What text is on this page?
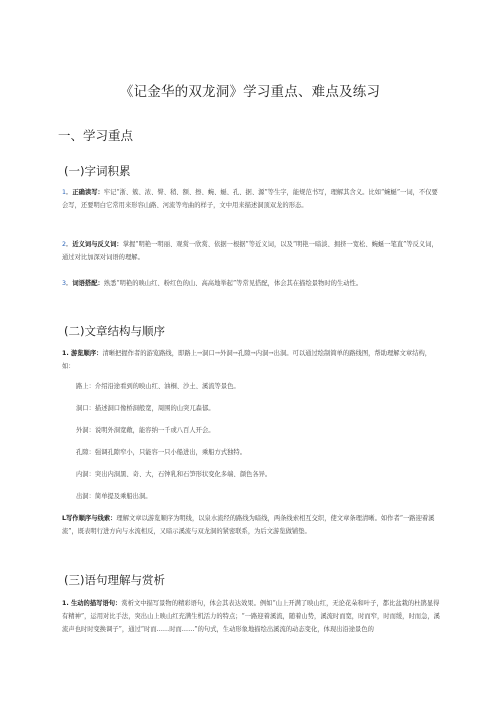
《记金华的双龙洞》学习重点、难点及练习
一、学习重点
(一)字词积累
1．正确读写：牢记“浙、簇、浓、臀、稍、额、擦、蜿、蜒、孔、据、源”等生字，能规范书写，理解其含义。比如“蜿蜒”一词，不仅要会写，还要明白它常用来形容山路、河流等弯曲的样子，文中用来描述洞顶双龙的形态。
2．近义词与反义词：掌握“明艳一明丽、观赏一欣赏、依据一根据”等近义词，以及“明艳一暗淡、拥挤一宽松、蜿蜒一笔直”等反义词，通过对比加深对词语的理解。
3．词语搭配：熟悉“明艳的映山红、粉红色的山、高高地举起”等常见搭配，体会其在描绘景物时的生动性。
(二)文章结构与顺序
1. 游览顺序：清晰把握作者的游览路线，即路上→洞口→外洞→孔隙→内洞→出洞。可以通过绘制简单的路线图，帮助理解文章结构，如：
路上：介绍沿途看到的映山红、油桐、沙土、溪流等景色。
洞口：描述洞口像桥洞般宽，周围的山突兀森郁。
外洞：说明外洞宽敞，能容纳一千或八百人开会。
孔隙：强调孔隙窄小，只能容一只小船进出，乘船方式独特。
内洞：突出内洞黑、奇、大，石钟乳和石笋形状变化多端、颜色各异。
出洞：简单提及乘船出洞。
L写作顺序与线索：理解文章以游览顺序为明线，以泉水流经的路线为暗线，两条线索相互交织，使文章条理清晰。如作者“一路迎着溪流”，既表明行进方向与水流相反，又暗示溪流与双龙洞的紧密联系，为后文游览做铺垫。
(三)语句理解与赏析
1. 生动的描写语句：赏析文中描写景物的精彩语句，体会其表达效果。例如“山上开满了映山红，无论花朵和叶子，都比盆栽的杜鹃显得有精神”，运用对比手法，突出山上映山红充满生机活力的特点；“一路迎着溪流，随着山势，溪流时而宽，时而窄，时而缓，时而急，溪流声也时时变换调子”，通过“时而……时而……”的句式，生动形象地描绘出溪流的动态变化，体现出沿途景色的
